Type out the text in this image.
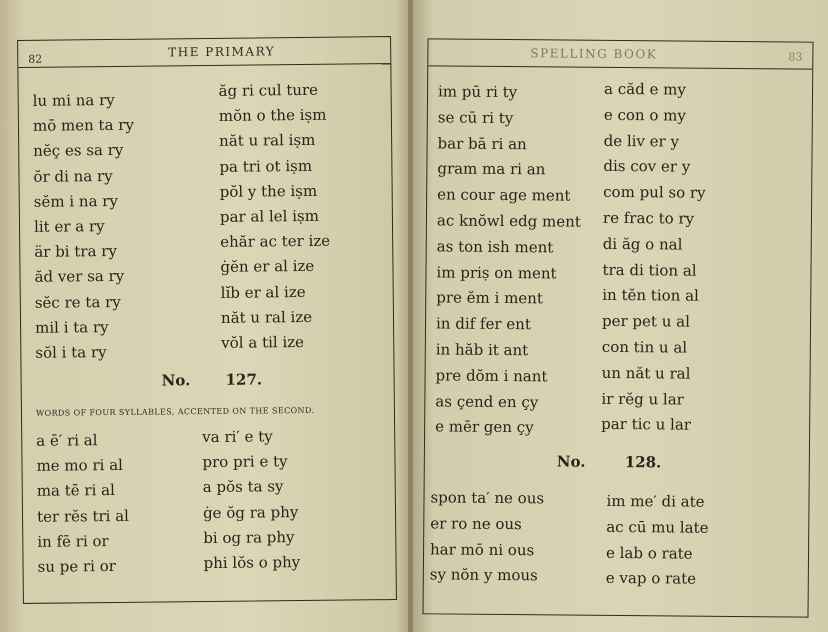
82	THE PRIMARY
lu mi na ry
mō men ta ry
nĕç es sa ry
ŏr di na ry
sĕm i na ry
lit er a ry
är bi tra ry
ăd ver sa ry
sĕc re ta ry
mil i ta ry
sŏl i ta ry
ăg ri cul ture
mŏn o the iṣm
năt u ral iṣm
pa tri ot iṣm
pŏl y the iṣm
par al lel iṣm
ehăr ac ter ize
ġĕn er al ize
lĭb er al ize
năt u ral ize
vŏl a til ize
No. 127.
WORDS OF FOUR SYLLABLES, ACCENTED ON THE SECOND.
a ē′ ri al
me mo ri al
ma tē ri al
ter rĕs tri al
in fē ri or
su pe ri or
va ri′ e ty
pro pri e ty
a pŏs ta sy
ġe ŏg ra phy
bi og ra phy
phi lŏs o phy
SPELLING BOOK	83
im pū ri ty
se cū ri ty
bar bā ri an
gram ma ri an
en cour age ment
ac knŏwl edg ment
as ton ish ment
im priṣ on ment
pre ĕm i ment
in dif fer ent
in hăb it ant
pre dŏm i nant
as çend en çy
e mēr gen çy
a căd e my
e con o my
de liv er y
dis cov er y
com pul so ry
re frac to ry
di ăg o nal
tra di tion al
in tĕn tion al
per pet u al
con tin u al
un năt u ral
ir rĕg u lar
par tic u lar
No.	128.
spon ta′ ne ous
er ro ne ous
har mō ni ous
sy nŏn y mous
im me′ di ate
ac cū mu late
e lab o rate
e vap o rate
